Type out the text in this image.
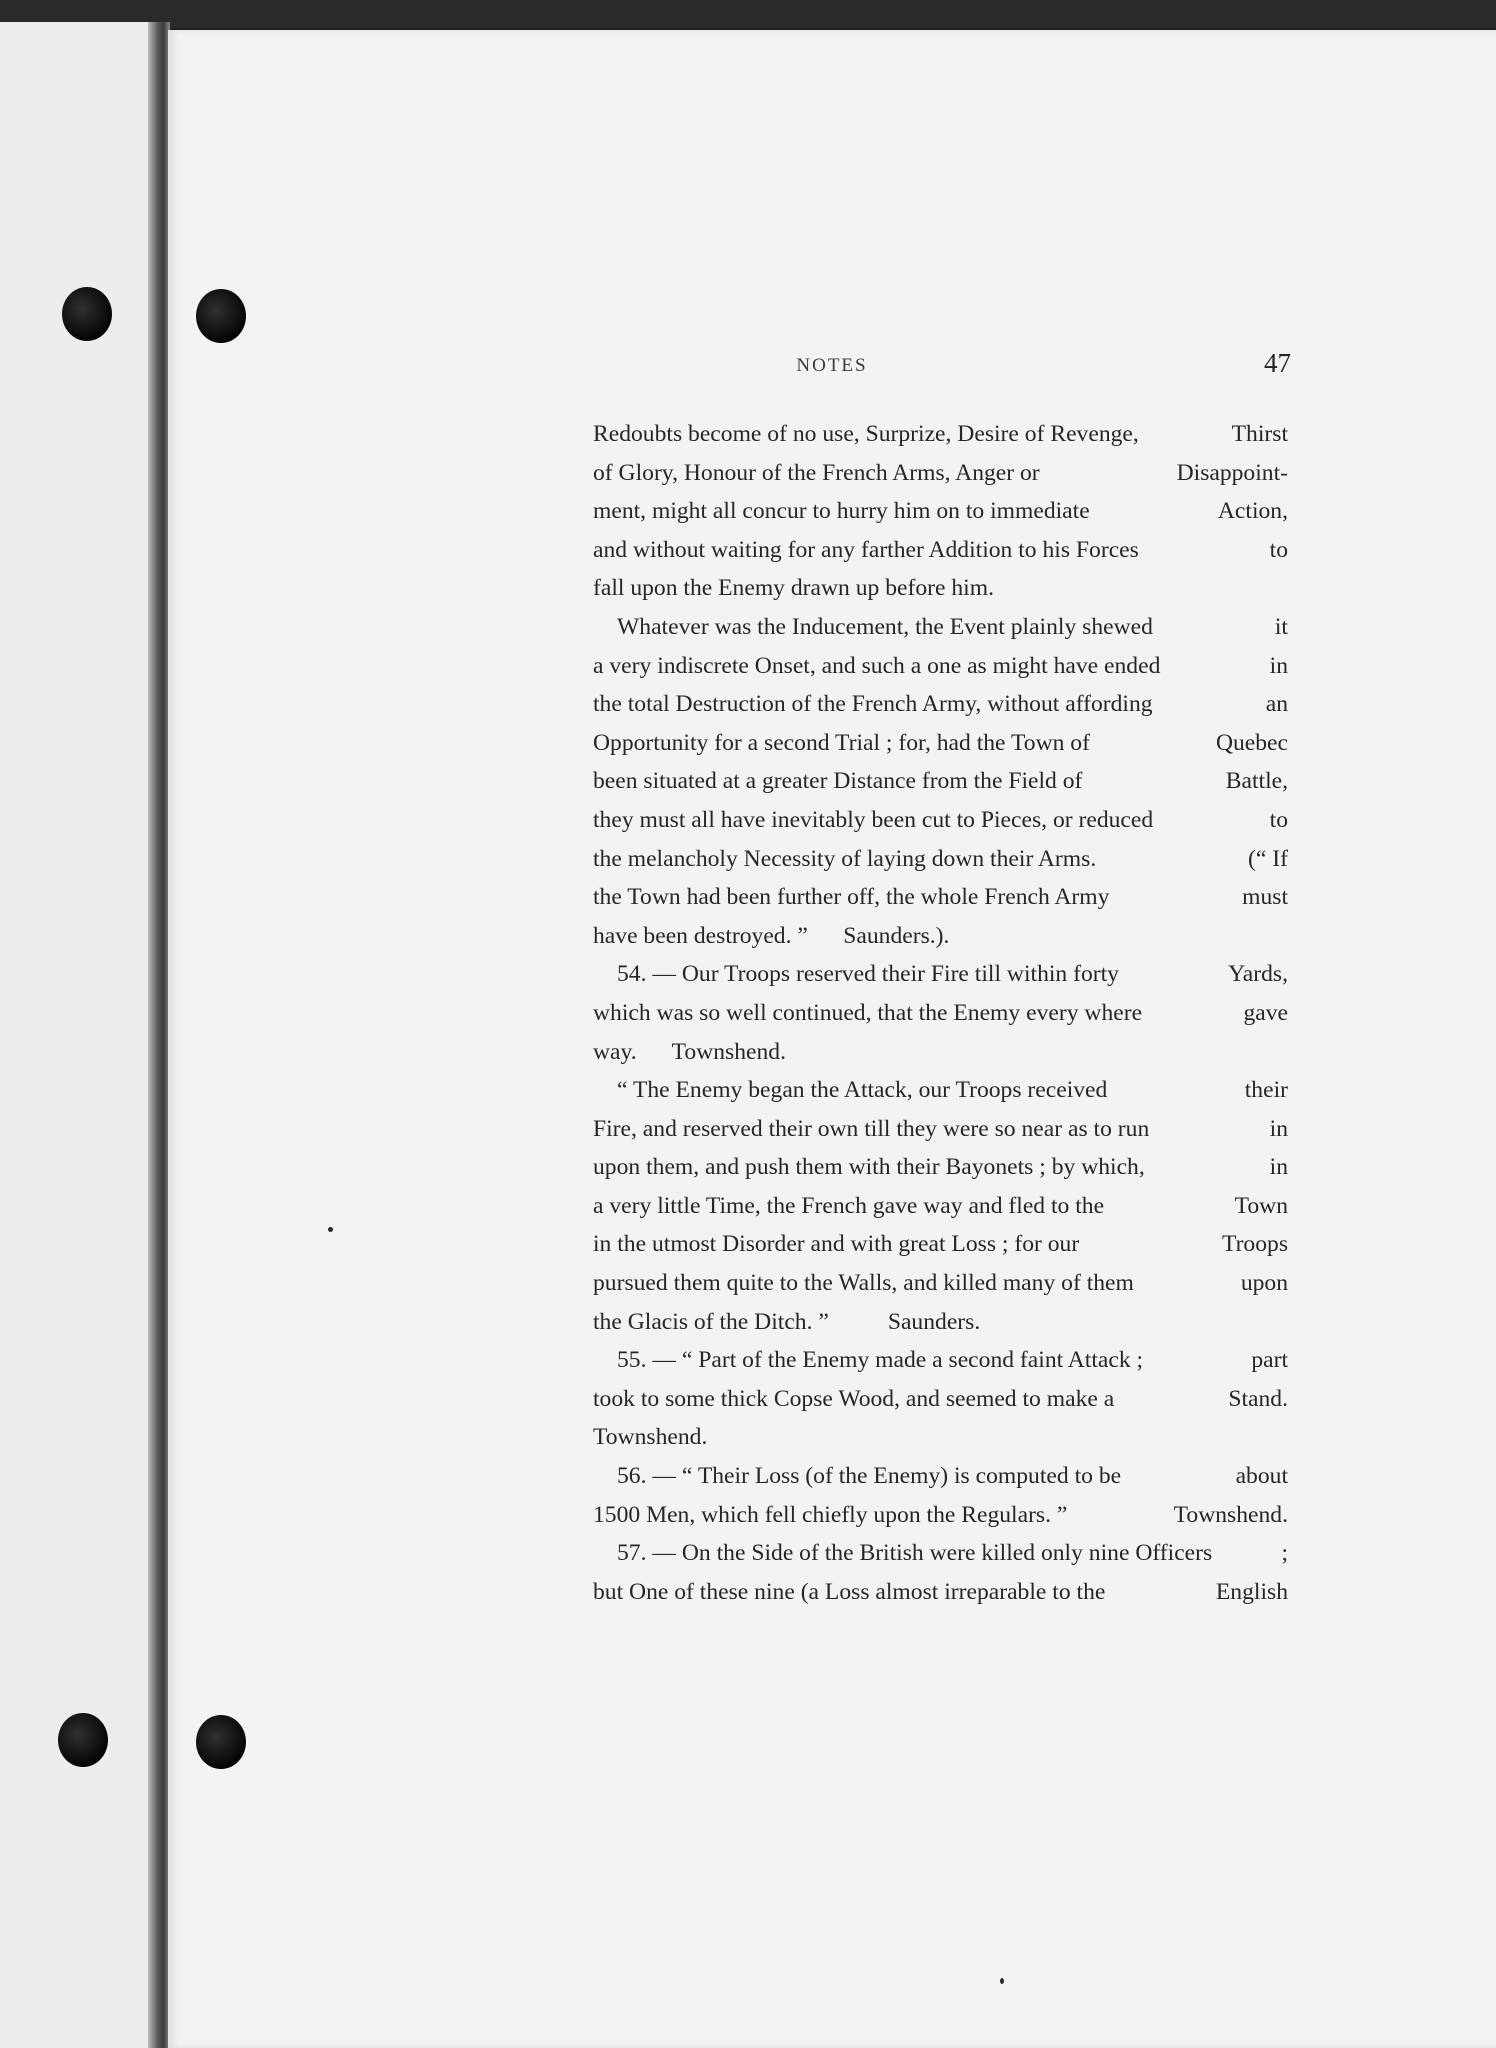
NOTES	47
Redoubts become of no use, Surprize, Desire of Revenge,	Thirst
of Glory, Honour of the French Arms, Anger or	Disappoint-
ment, might all concur to hurry him on to immediate	Action,
and without waiting for any farther Addition to his Forces	to
fall upon the Enemy drawn up before him.
Whatever was the Inducement, the Event plainly shewed	it
a very indiscrete Onset, and such a one as might have ended	in
the total Destruction of the French Army, without affording	an
Opportunity for a second Trial ; for, had the Town of	Quebec
been situated at a greater Distance from the Field of	Battle,
they must all have inevitably been cut to Pieces, or reduced	to
the melancholy Necessity of laying down their Arms.	(“ If
the Town had been further off, the whole French Army	must
have been destroyed. ”      Saunders.).
54. — Our Troops reserved their Fire till within forty	Yards,
which was so well continued, that the Enemy every where	gave
way.      Townshend.
“ The Enemy began the Attack, our Troops received	their
Fire, and reserved their own till they were so near as to run	in
upon them, and push them with their Bayonets ; by which,	in
a very little Time, the French gave way and fled to the	Town
in the utmost Disorder and with great Loss ; for our	Troops
pursued them quite to the Walls, and killed many of them	upon
the Glacis of the Ditch. ”          Saunders.
55. — “ Part of the Enemy made a second faint Attack ;	part
took to some thick Copse Wood, and seemed to make a	Stand.
Townshend.
56. — “ Their Loss (of the Enemy) is computed to be	about
1500 Men, which fell chiefly upon the Regulars. ”	Townshend.
57. — On the Side of the British were killed only nine Officers	;
but One of these nine (a Loss almost irreparable to the	English
